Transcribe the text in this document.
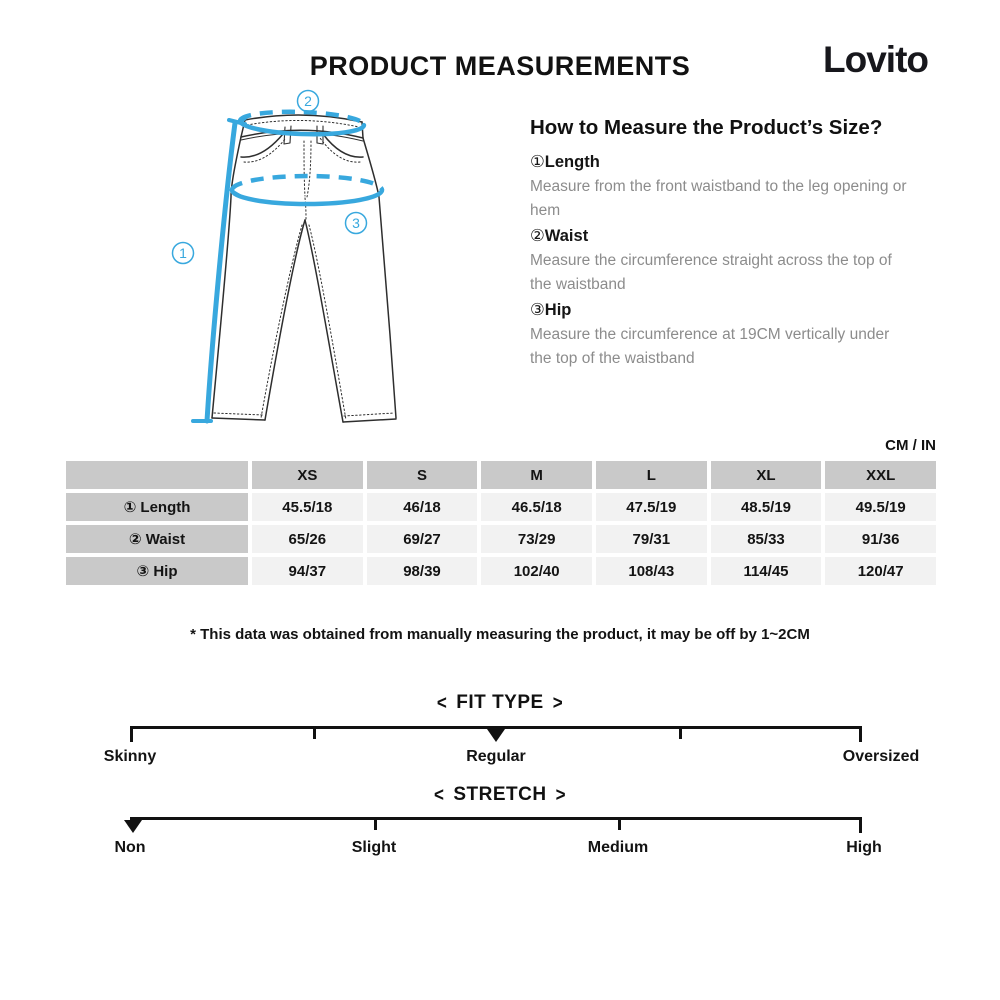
PRODUCT MEASUREMENTS	Lovito
2
3
1
How to Measure the Product’s Size?
①Length
Measure from the front waistband to the leg opening or hem
②Waist
Measure the circumference straight across the top of the waistband
③Hip
Measure the circumference at 19CM vertically under the top of the waistband
CM / IN
XS	S	M	L	XL	XXL
① Length	45.5/18	46/18	46.5/18	47.5/19	48.5/19	49.5/19
② Waist	65/26	69/27	73/29	79/31	85/33	91/36
③ Hip	94/37	98/39	102/40	108/43	114/45	120/47
* This data was obtained from manually measuring the product, it may be off by 1~2CM
< FIT TYPE >
Skinny	Regular	Oversized
< STRETCH >
Non	Slight	Medium	High
